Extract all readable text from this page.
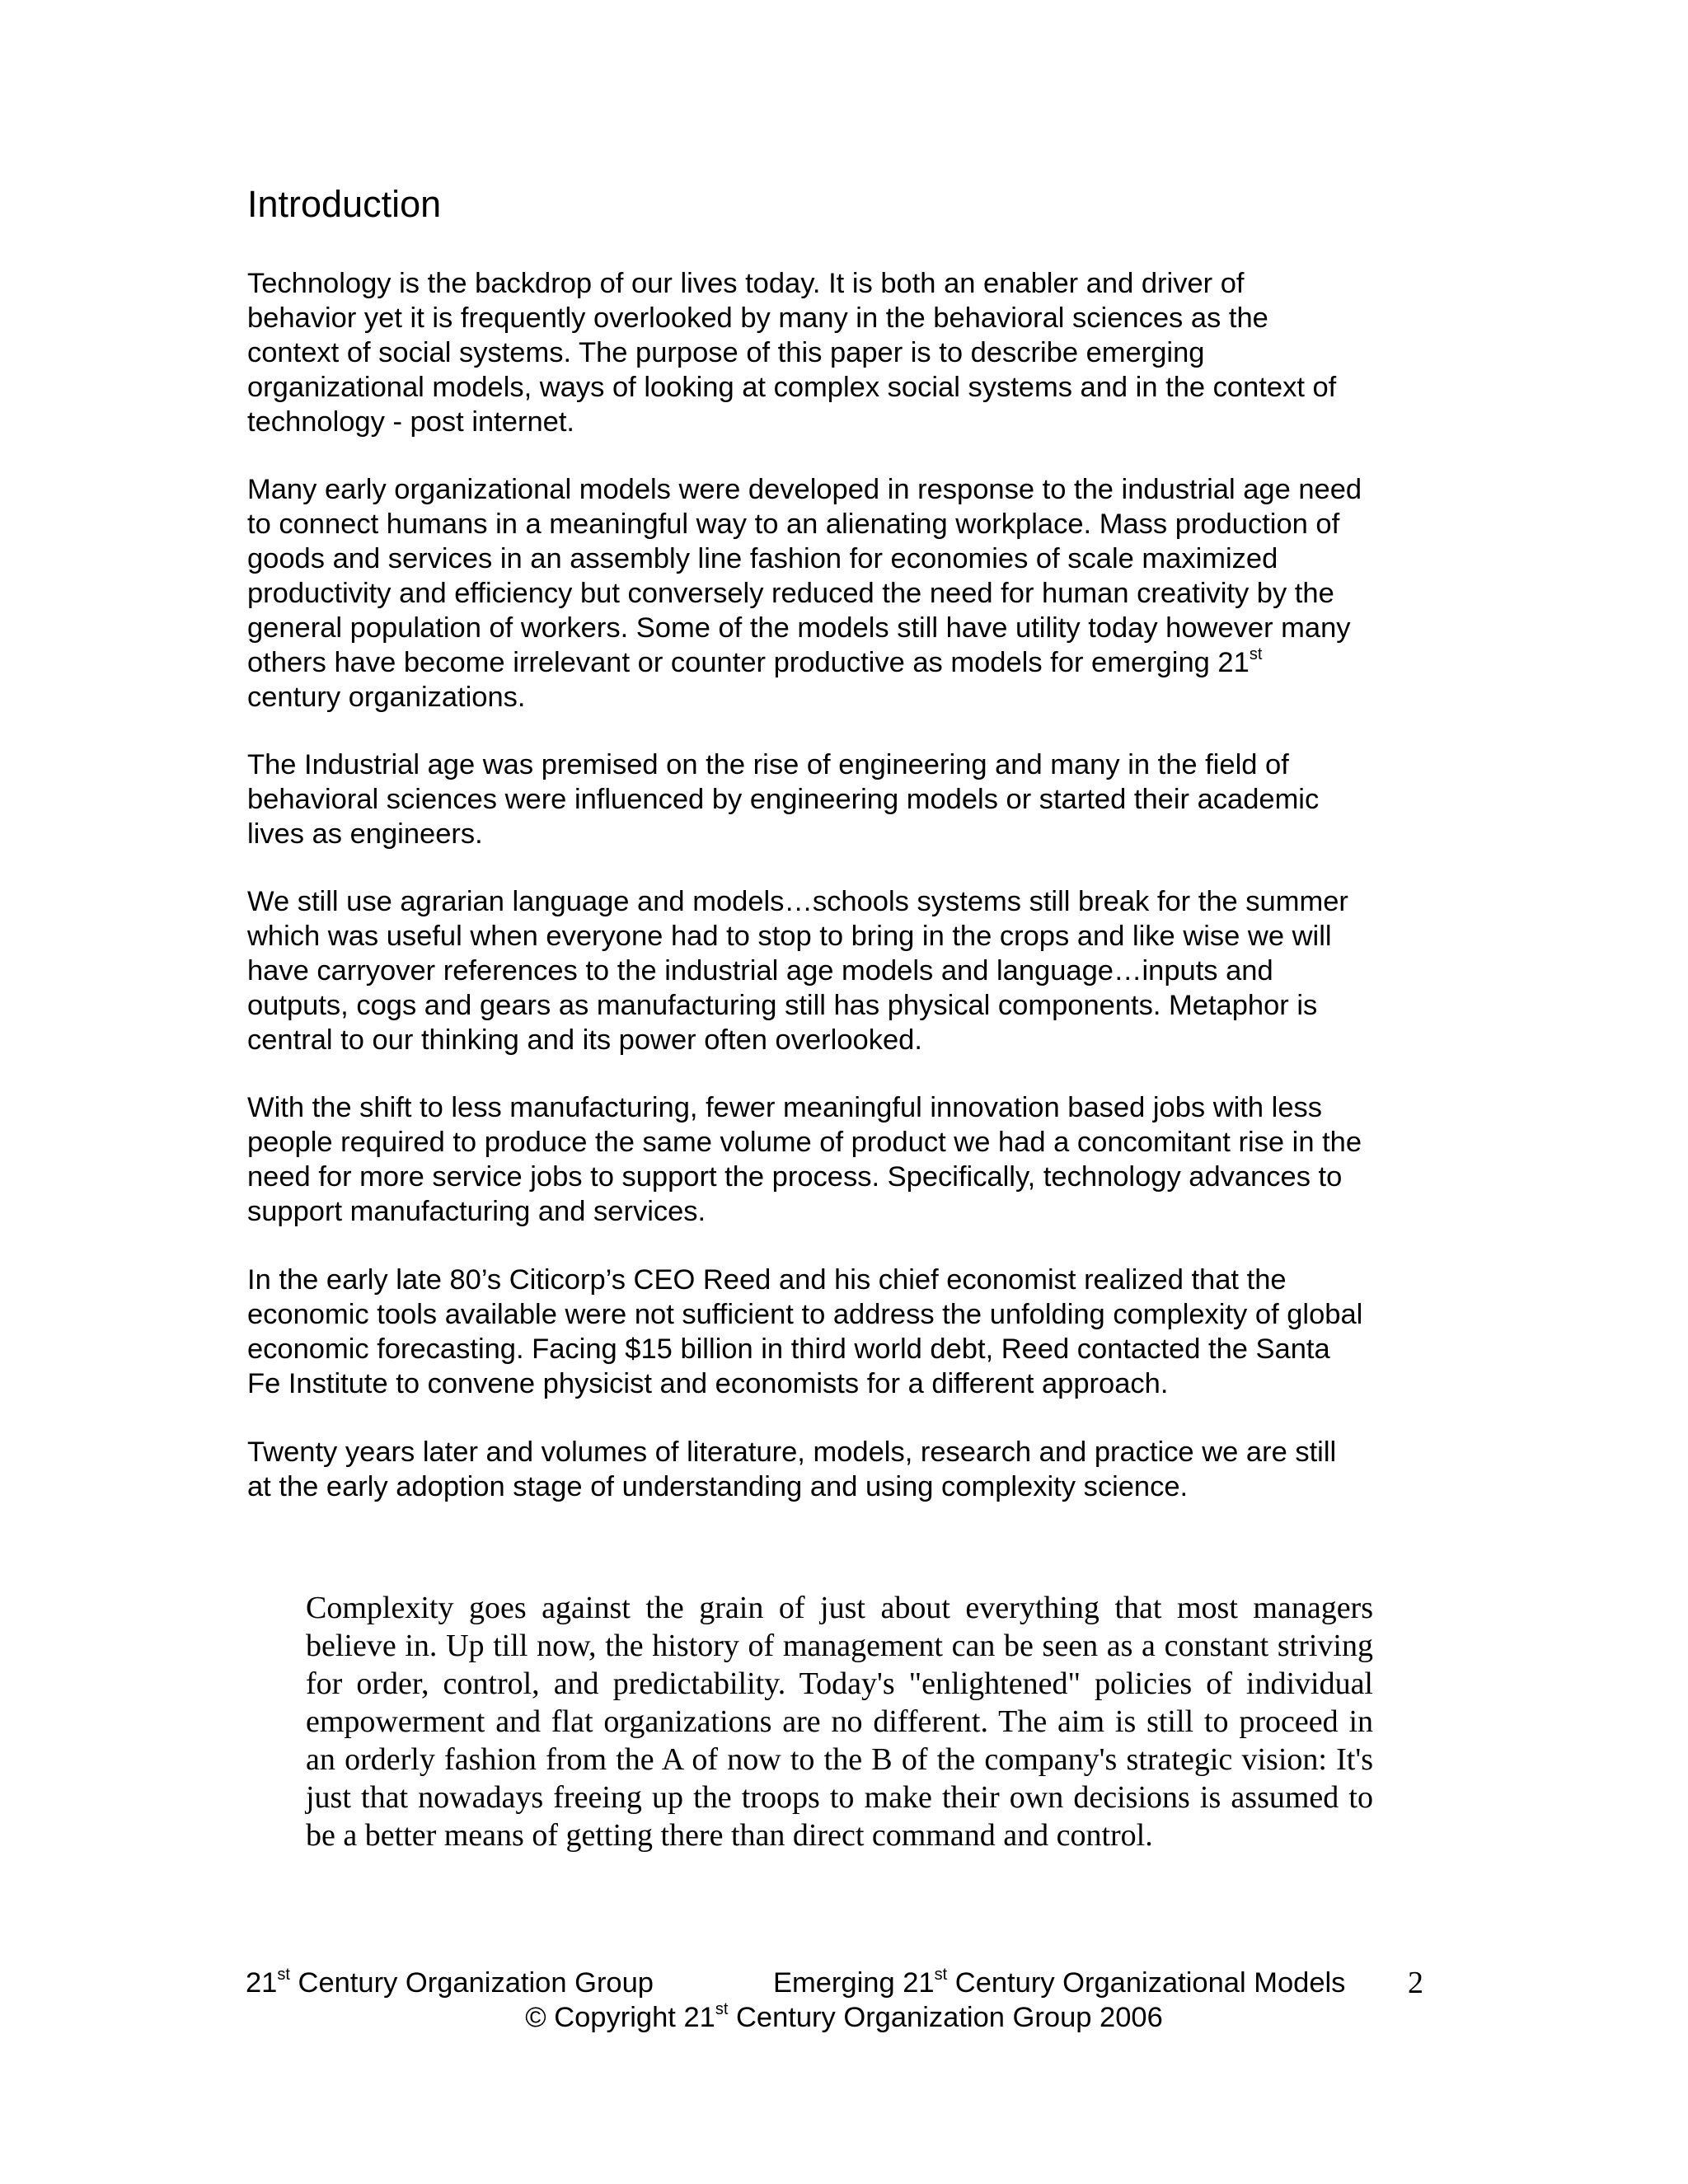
Introduction

Technology is the backdrop of our lives today. It is both an enabler and driver of
behavior yet it is frequently overlooked by many in the behavioral sciences as the
context of social systems. The purpose of this paper is to describe emerging
organizational models, ways of looking at complex social systems and in the context of
technology - post internet.

Many early organizational models were developed in response to the industrial age need
to connect humans in a meaningful way to an alienating workplace. Mass production of
goods and services in an assembly line fashion for economies of scale maximized
productivity and efficiency but conversely reduced the need for human creativity by the
general population of workers. Some of the models still have utility today however many
others have become irrelevant or counter productive as models for emerging 21st
century organizations.

The Industrial age was premised on the rise of engineering and many in the field of
behavioral sciences were influenced by engineering models or started their academic
lives as engineers.

We still use agrarian language and models…schools systems still break for the summer
which was useful when everyone had to stop to bring in the crops and like wise we will
have carryover references to the industrial age models and language…inputs and
outputs, cogs and gears as manufacturing still has physical components. Metaphor is
central to our thinking and its power often overlooked.

With the shift to less manufacturing, fewer meaningful innovation based jobs with less
people required to produce the same volume of product we had a concomitant rise in the
need for more service jobs to support the process. Specifically, technology advances to
support manufacturing and services.

In the early late 80’s Citicorp’s CEO Reed and his chief economist realized that the
economic tools available were not sufficient to address the unfolding complexity of global
economic forecasting. Facing $15 billion in third world debt, Reed contacted the Santa
Fe Institute to convene physicist and economists for a different approach.

Twenty years later and volumes of literature, models, research and practice we are still
at the early adoption stage of understanding and using complexity science.

Complexity goes against the grain of just about everything that most managers believe in. Up till now, the history of management can be seen as a constant striving for order, control, and predictability. Today's "enlightened" policies of individual empowerment and flat organizations are no different. The aim is still to proceed in an orderly fashion from the A of now to the B of the company's strategic vision: It's just that nowadays freeing up the troops to make their own decisions is assumed to be a better means of getting there than direct command and control.

21st Century Organization Group	Emerging 21st Century Organizational Models 2
© Copyright 21st Century Organization Group 2006
